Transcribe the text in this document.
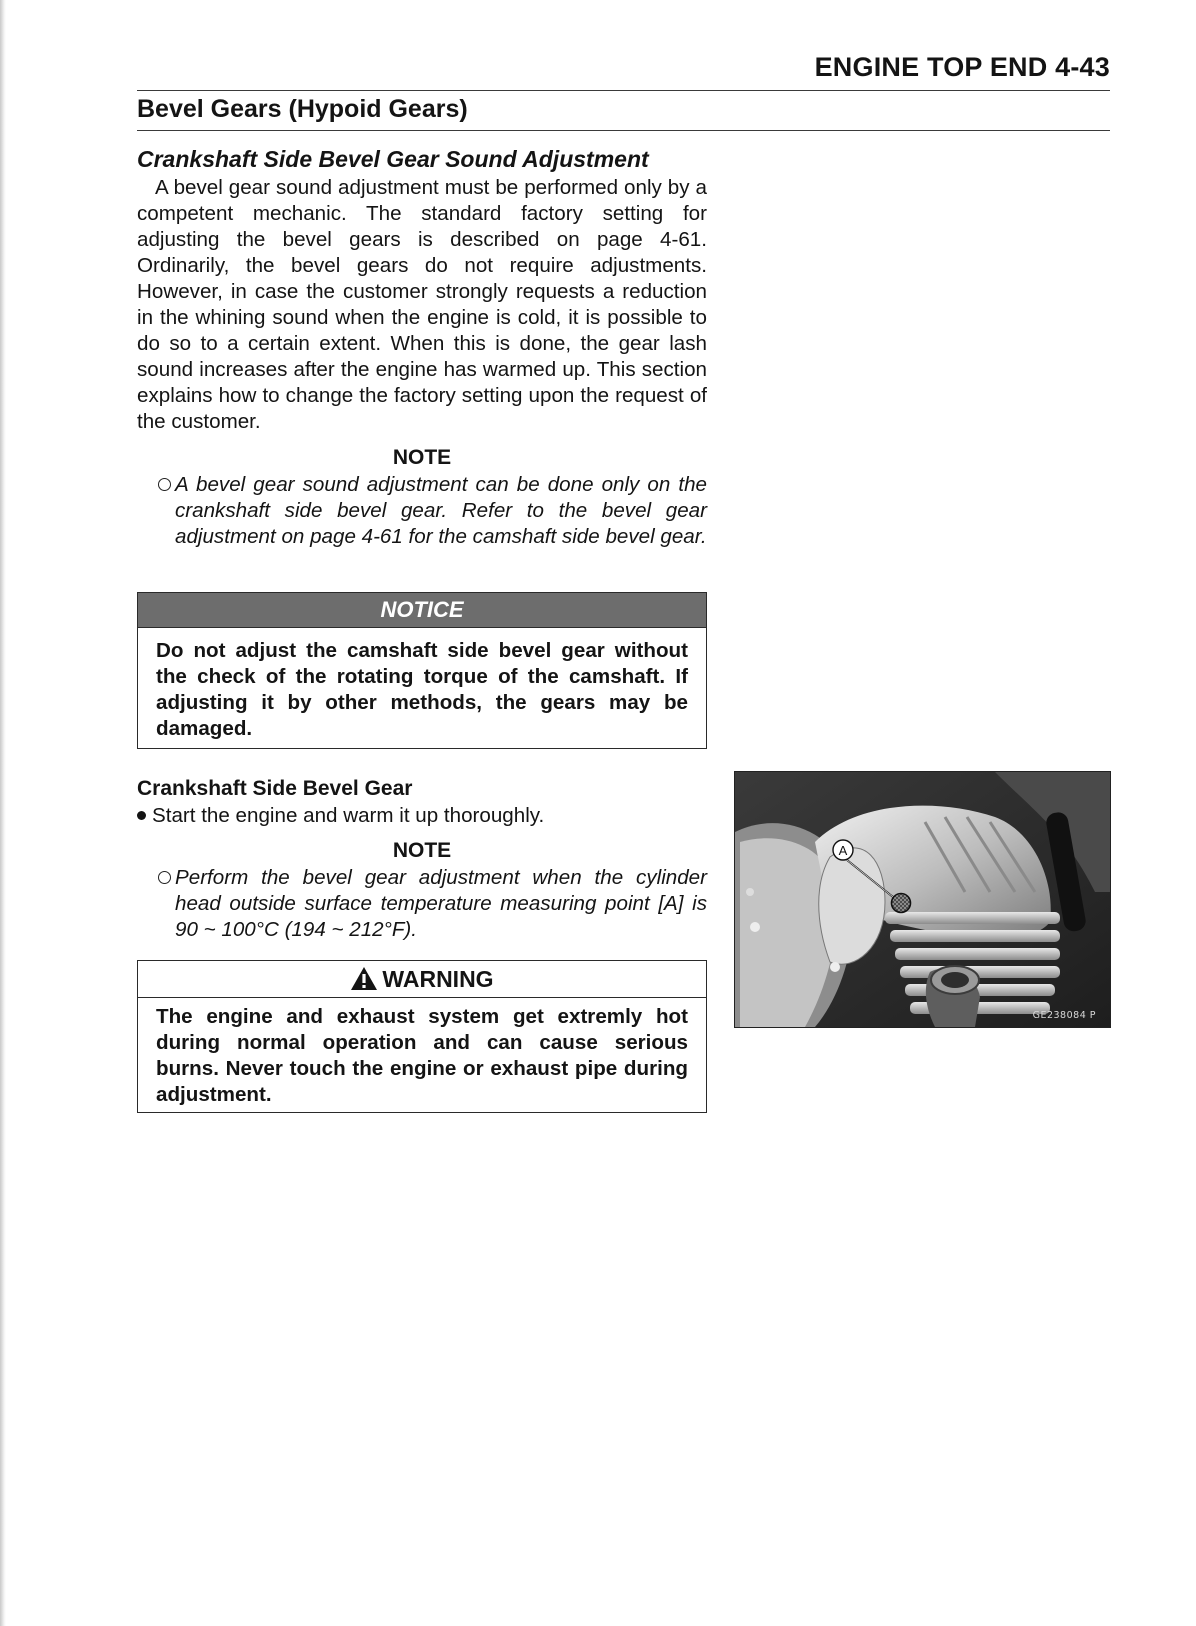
ENGINE TOP END 4-43
Bevel Gears (Hypoid Gears)
Crankshaft Side Bevel Gear Sound Adjustment

A bevel gear sound adjustment must be performed only by a competent mechanic. The standard factory setting for adjusting the bevel gears is described on page 4-61. Ordinarily, the bevel gears do not require adjustments. However, in case the customer strongly requests a reduction in the whining sound when the engine is cold, it is possible to do so to a certain extent. When this is done, the gear lash sound increases after the engine has warmed up. This section explains how to change the factory setting upon the request of the customer.

NOTE
A bevel gear sound adjustment can be done only on the crankshaft side bevel gear. Refer to the bevel gear adjustment on page 4-61 for the camshaft side bevel gear.
NOTICE
Do not adjust the camshaft side bevel gear without the check of the rotating torque of the camshaft. If adjusting it by other methods, the gears may be damaged.
Crankshaft Side Bevel Gear
Start the engine and warm it up thoroughly.
NOTE
Perform the bevel gear adjustment when the cylinder head outside surface temperature measuring point [A] is 90 ~ 100°C (194 ~ 212°F).
WARNING
The engine and exhaust system get extremly hot during normal operation and can cause serious burns. Never touch the engine or exhaust pipe during adjustment.
A
GE238084 P
